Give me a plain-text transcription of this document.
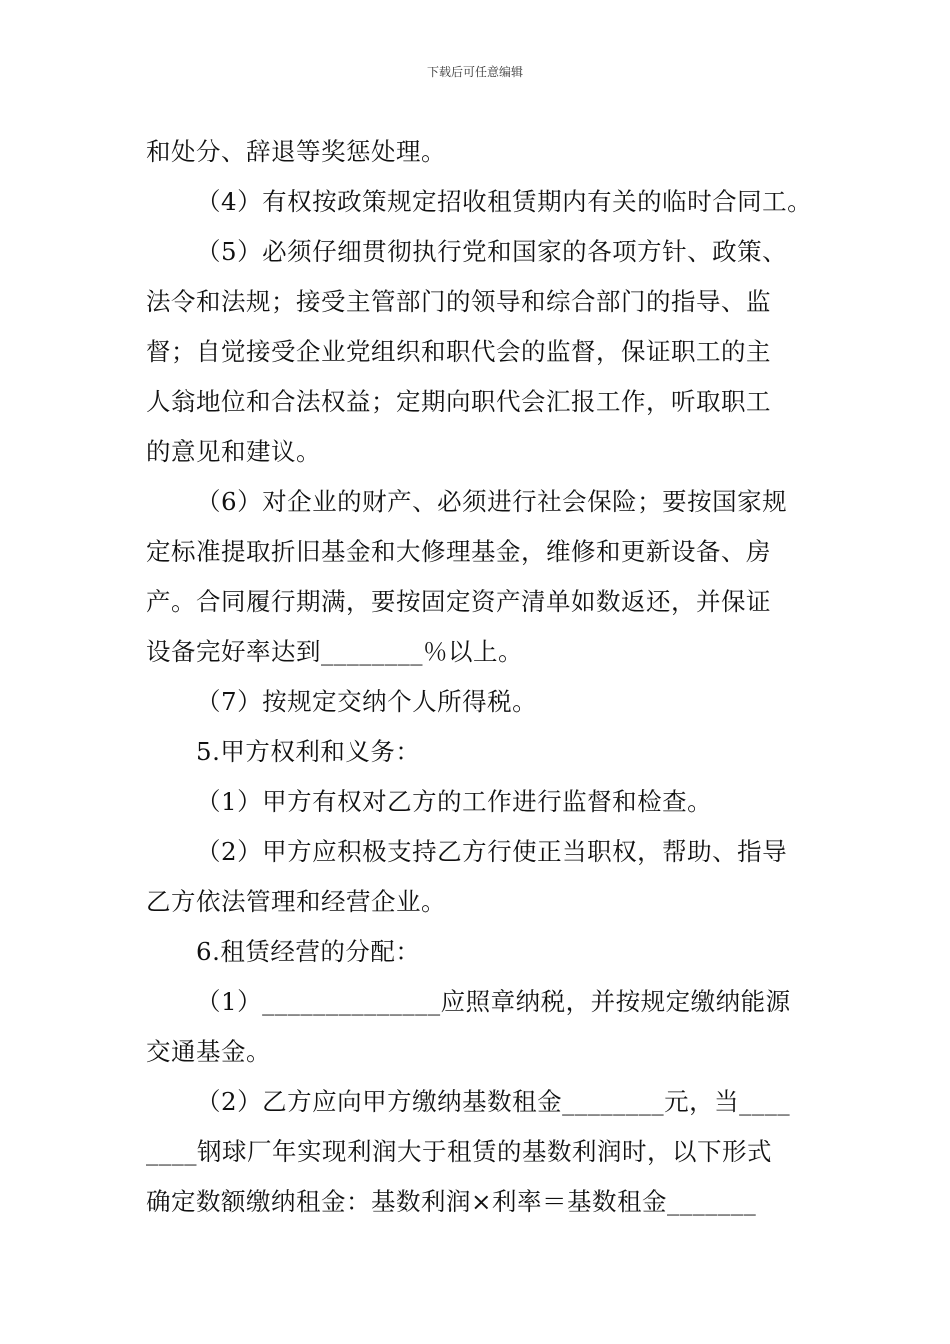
下载后可任意编辑
和处分、辞退等奖惩处理。
（4）有权按政策规定招收租赁期内有关的临时合同工。
（5）必须仔细贯彻执行党和国家的各项方针、政策、
法令和法规；接受主管部门的领导和综合部门的指导、监
督；自觉接受企业党组织和职代会的监督，保证职工的主
人翁地位和合法权益；定期向职代会汇报工作，听取职工
的意见和建议。
（6）对企业的财产、必须进行社会保险；要按国家规
定标准提取折旧基金和大修理基金，维修和更新设备、房
产。合同履行期满，要按固定资产清单如数返还，并保证
设备完好率达到________％以上。
（7）按规定交纳个人所得税。
5.甲方权利和义务：
（1）甲方有权对乙方的工作进行监督和检查。
（2）甲方应积极支持乙方行使正当职权，帮助、指导
乙方依法管理和经营企业。
6.租赁经营的分配：
（1）______________应照章纳税，并按规定缴纳能源
交通基金。
（2）乙方应向甲方缴纳基数租金________元，当____
____钢球厂年实现利润大于租赁的基数利润时，以下形式
确定数额缴纳租金：基数利润×利率＝基数租金_______
